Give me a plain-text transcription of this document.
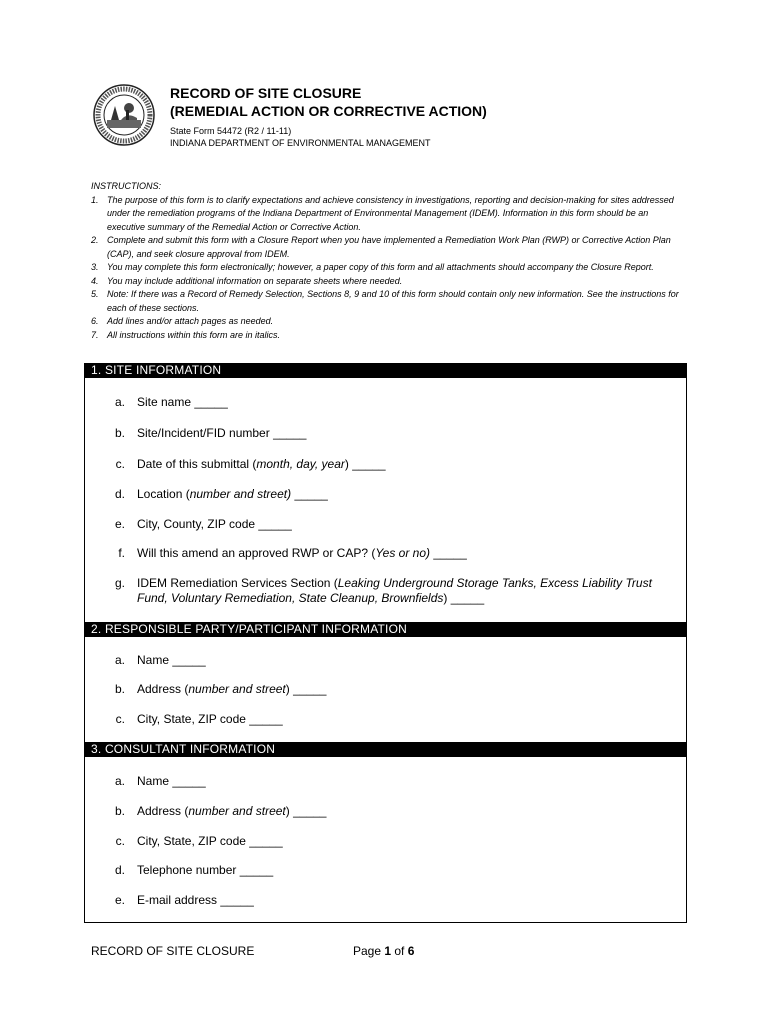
RECORD OF SITE CLOSURE

(REMEDIAL ACTION OR CORRECTIVE ACTION)

State Form 54472 (R2 / 11-11)
INDIANA DEPARTMENT OF ENVIRONMENTAL MANAGEMENT
INSTRUCTIONS:
1. The purpose of this form is to clarify expectations and achieve consistency in investigations, reporting and decision-making for sites addressed under the remediation programs of the Indiana Department of Environmental Management (IDEM). Information in this form should be an executive summary of the Remedial Action or Corrective Action.
2. Complete and submit this form with a Closure Report when you have implemented a Remediation Work Plan (RWP) or Corrective Action Plan (CAP), and seek closure approval from IDEM.
3. You may complete this form electronically; however, a paper copy of this form and all attachments should accompany the Closure Report.
4. You may include additional information on separate sheets where needed.
5. Note: If there was a Record of Remedy Selection, Sections 8, 9 and 10 of this form should contain only new information. See the instructions for each of these sections.
6. Add lines and/or attach pages as needed.
7. All instructions within this form are in italics.
1. SITE INFORMATION
a.	Site name _____
b.	Site/Incident/FID number _____
c.	Date of this submittal (month, day, year) _____
d.	Location (number and street) _____
e.	City, County, ZIP code _____
f.	Will this amend an approved RWP or CAP? (Yes or no) _____
g.	IDEM Remediation Services Section (Leaking Underground Storage Tanks, Excess Liability Trust Fund, Voluntary Remediation, State Cleanup, Brownfields) _____
2. RESPONSIBLE PARTY/PARTICIPANT INFORMATION
a.	Name _____
b.	Address (number and street) _____
c.	City, State, ZIP code _____
3. CONSULTANT INFORMATION
a.	Name _____
b.	Address (number and street) _____
c.	City, State, ZIP code _____
d.	Telephone number _____
e.	E-mail address _____
RECORD OF SITE CLOSURE	Page 1 of 6
